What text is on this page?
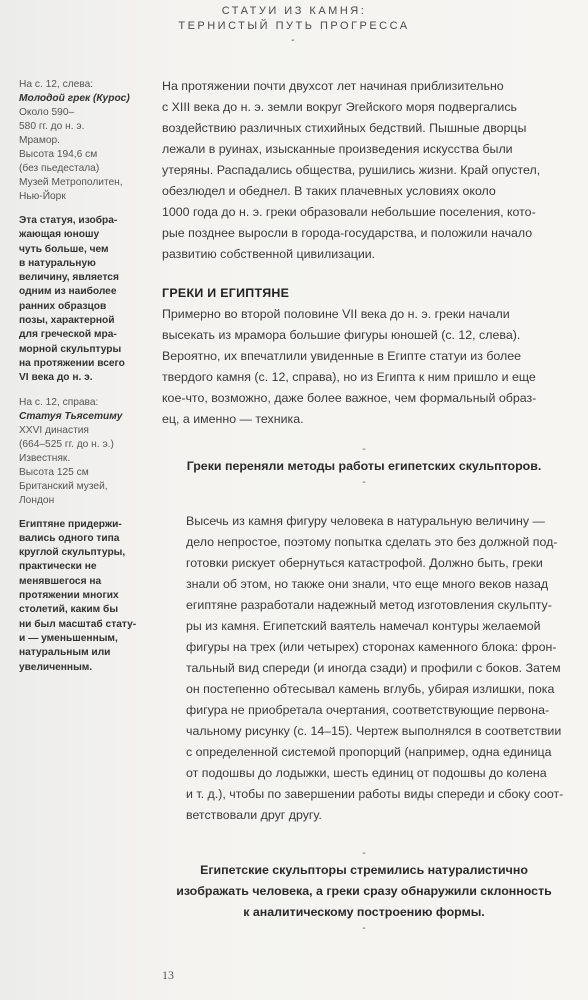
СТАТУИ ИЗ КАМНЯ:
ТЕРНИСТЫЙ ПУТЬ ПРОГРЕССА
-
На с. 12, слева:
Молодой грек (Курос)
Около 590–
580 гг. до н. э.
Мрамор.
Высота 194,6 см
(без пьедестала)
Музей Метрополитен,
Нью-Йорк
Эта статуя, изобра-
жающая юношу
чуть больше, чем
в натуральную
величину, является
одним из наиболее
ранних образцов
позы, характерной
для греческой мра-
морной скульптуры
на протяжении всего
VI века до н. э.
На с. 12, справа:
Статуя Тьясетиму
XXVI династия
(664–525 гг. до н. э.)
Известняк.
Высота 125 см
Британский музей,
Лондон
Египтяне придержи-
вались одного типа
круглой скульптуры,
практически не
менявшегося на
протяжении многих
столетий, каким бы
ни был масштаб стату-
и — уменьшенным,
натуральным или
увеличенным.

На протяжении почти двухсот лет начиная приблизительно
с XIII века до н. э. земли вокруг Эгейского моря подвергались
воздействию различных стихийных бедствий. Пышные дворцы
лежали в руинах, изысканные произведения искусства были
утеряны. Распадались общества, рушились жизни. Край опустел,
обезлюдел и обеднел. В таких плачевных условиях около
1000 года до н. э. греки образовали небольшие поселения, кото-
рые позднее выросли в города-государства, и положили начало
развитию собственной цивилизации.

ГРЕКИ И ЕГИПТЯНЕ

Примерно во второй половине VII века до н. э. греки начали
высекать из мрамора большие фигуры юношей (с. 12, слева).
Вероятно, их впечатлили увиденные в Египте статуи из более
твердого камня (с. 12, справа), но из Египта к ним пришло и еще
кое-что, возможно, даже более важное, чем формальный образ-
ец, а именно — техника.

-
Греки переняли методы работы египетских скульпторов.
-

Высечь из камня фигуру человека в натуральную величину —
дело непростое, поэтому попытка сделать это без должной под-
готовки рискует обернуться катастрофой. Должно быть, греки
знали об этом, но также они знали, что еще много веков назад
египтяне разработали надежный метод изготовления скульпту-
ры из камня. Египетский ваятель намечал контуры желаемой
фигуры на трех (или четырех) сторонах каменного блока: фрон-
тальный вид спереди (и иногда сзади) и профили с боков. Затем
он постепенно обтесывал камень вглубь, убирая излишки, пока
фигура не приобретала очертания, соответствующие первона-
чальному рисунку (с. 14–15). Чертеж выполнялся в соответствии
с определенной системой пропорций (например, одна единица
от подошвы до лодыжки, шесть единиц от подошвы до колена
и т. д.), чтобы по завершении работы виды спереди и сбоку соот-
ветствовали друг другу.

-
Египетские скульпторы стремились натуралистично
изображать человека, а греки сразу обнаружили склонность
к аналитическому построению формы.
-
13
